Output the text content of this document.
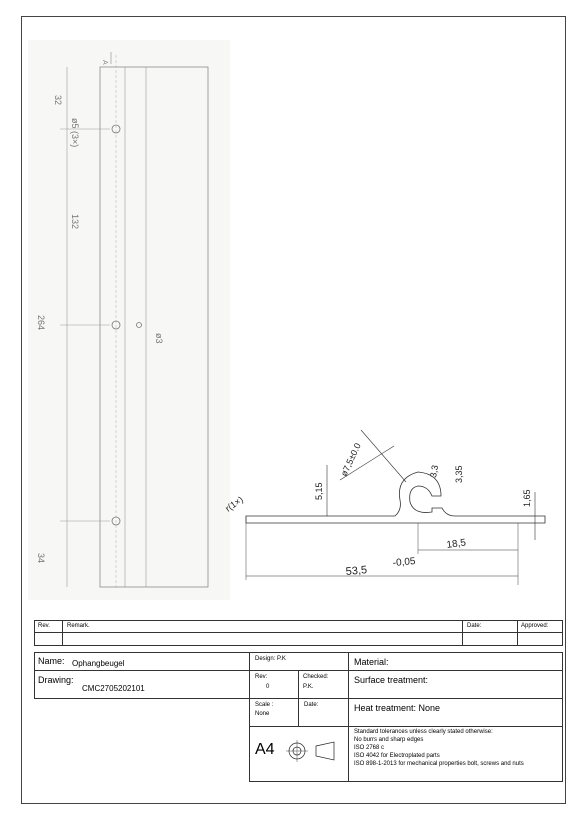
A
32
ø5 (3×)
132
264
ø3
34
r(1×)
5,15
ø7,5±0.0	3,3 3,35
1,65
18,5
53,5
-0,05
Rev.	Remark.	Date:	Approved:
Name: Ophangbeugel
Drawing:
CMC2705202101
Design: P.K
Rev:
0
Checked:
P.K.
Scale :
None
Date:
Material:
Surface treatment:
Heat treatment: None
A4
Standard tolerances unless clearly stated otherwise:
No burrs and sharp edges
ISO 2768 c
ISO 4042 for Electroplated parts
ISO 898-1-2013 for mechanical properties bolt, screws and nuts
